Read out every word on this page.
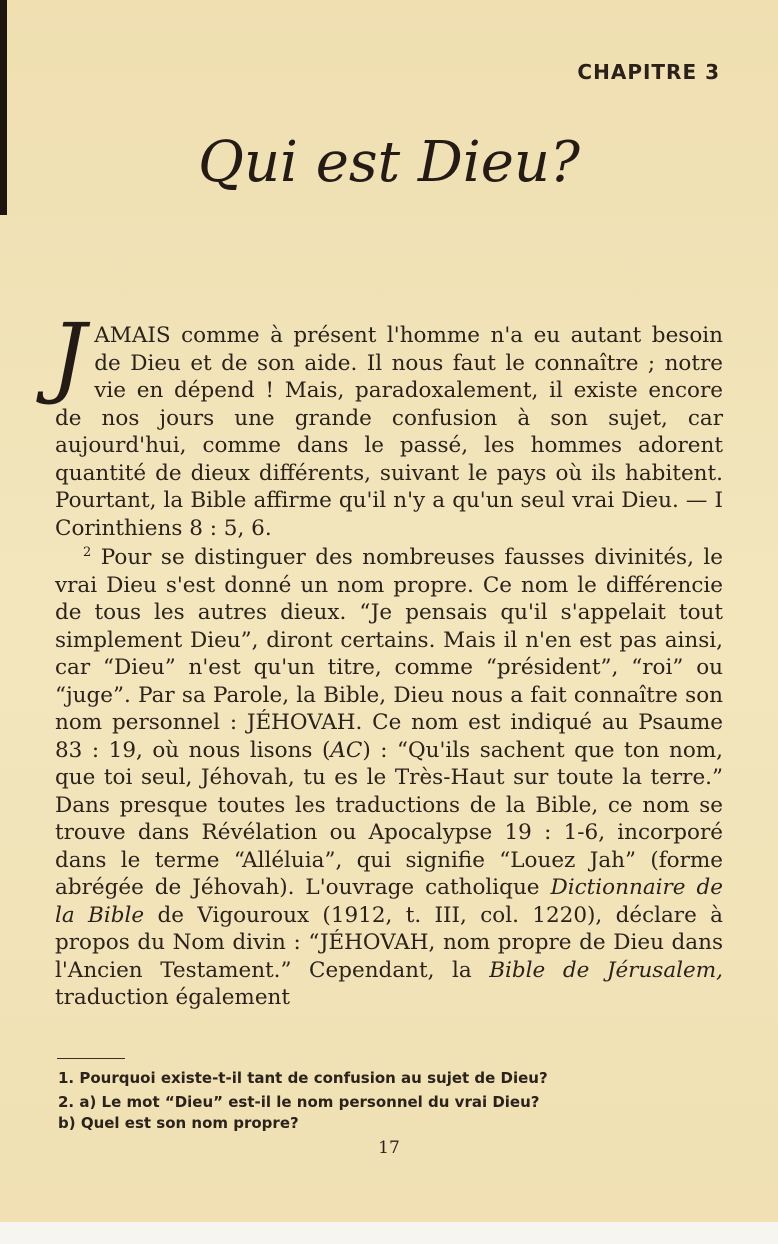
CHAPITRE 3
Qui est Dieu?

JAMAIS comme à présent l'homme n'a eu autant besoin de Dieu et de son aide. Il nous faut le connaître ; notre vie en dépend ! Mais, paradoxalement, il existe encore de nos jours une grande confusion à son sujet, car aujourd'hui, comme dans le passé, les hommes adorent quantité de dieux différents, suivant le pays où ils habitent. Pourtant, la Bible affirme qu'il n'y a qu'un seul vrai Dieu. — I Corinthiens 8 : 5, 6.

$^2$ Pour se distinguer des nombreuses fausses divinités, le vrai Dieu s'est donné un nom propre. Ce nom le différencie de tous les autres dieux. “Je pensais qu'il s'appelait tout simplement Dieu”, diront certains. Mais il n'en est pas ainsi, car “Dieu” n'est qu'un titre, comme “président”, “roi” ou “juge”. Par sa Parole, la Bible, Dieu nous a fait connaître son nom personnel : JÉHOVAH. Ce nom est indiqué au Psaume 83 : 19, où nous lisons (AC) : “Qu'ils sachent que ton nom, que toi seul, Jéhovah, tu es le Très-Haut sur toute la terre.” Dans presque toutes les traductions de la Bible, ce nom se trouve dans Révélation ou Apocalypse 19 : 1-6, incorporé dans le terme “Alléluia”, qui signifie “Louez Jah” (forme abrégée de Jéhovah). L'ouvrage catholique Dictionnaire de la Bible de Vigouroux (1912, t. III, col. 1220), déclare à propos du Nom divin : “JÉHOVAH, nom propre de Dieu dans l'Ancien Testament.” Cependant, la Bible de Jérusalem, traduction également

1. Pourquoi existe-t-il tant de confusion au sujet de Dieu?

2. a) Le mot “Dieu” est-il le nom personnel du vrai Dieu?

b) Quel est son nom propre?

17
